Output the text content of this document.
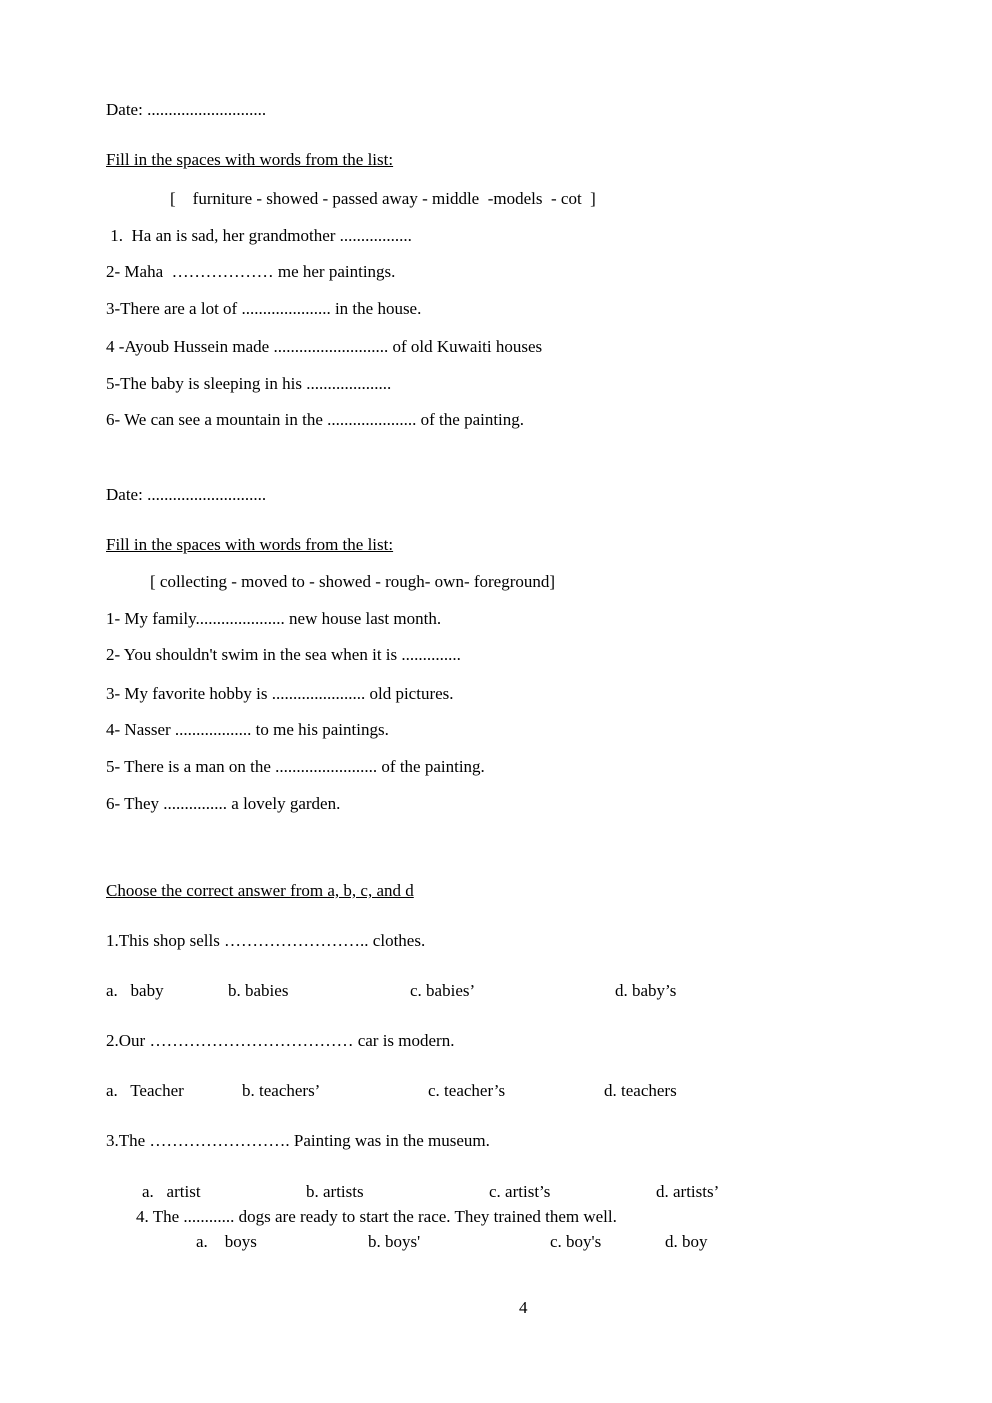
Date: ............................
Fill in the spaces with words from the list:
[    furniture - showed - passed away - middle  -models  - cot  ]
1.  Ha an is sad, her grandmother .................
2- Maha  ……………… me her paintings.
3-There are a lot of ..................... in the house.
4 -Ayoub Hussein made ........................... of old Kuwaiti houses
5-The baby is sleeping in his ....................
6- We can see a mountain in the ..................... of the painting.
Date: ............................
Fill in the spaces with words from the list:
[ collecting - moved to - showed - rough- own- foreground]
1- My family..................... new house last month.
2- You shouldn't swim in the sea when it is ..............
3- My favorite hobby is ...................... old pictures.
4- Nasser .................. to me his paintings.
5- There is a man on the ........................ of the painting.
6- They ............... a lovely garden.
Choose the correct answer from a, b, c, and d
1.This shop sells …………………….. clothes.
a.   baby	b. babies	c. babies’	d. baby’s
2.Our ……………………………… car is modern.
a.   Teacher	b. teachers’	c. teacher’s	d. teachers
3.The ……………………. Painting was in the museum.
a.   artist	b. artists	c. artist’s	d. artists’
4. The ............ dogs are ready to start the race. They trained them well.
a.    boys	b. boys'	c. boy's	d. boy
4
